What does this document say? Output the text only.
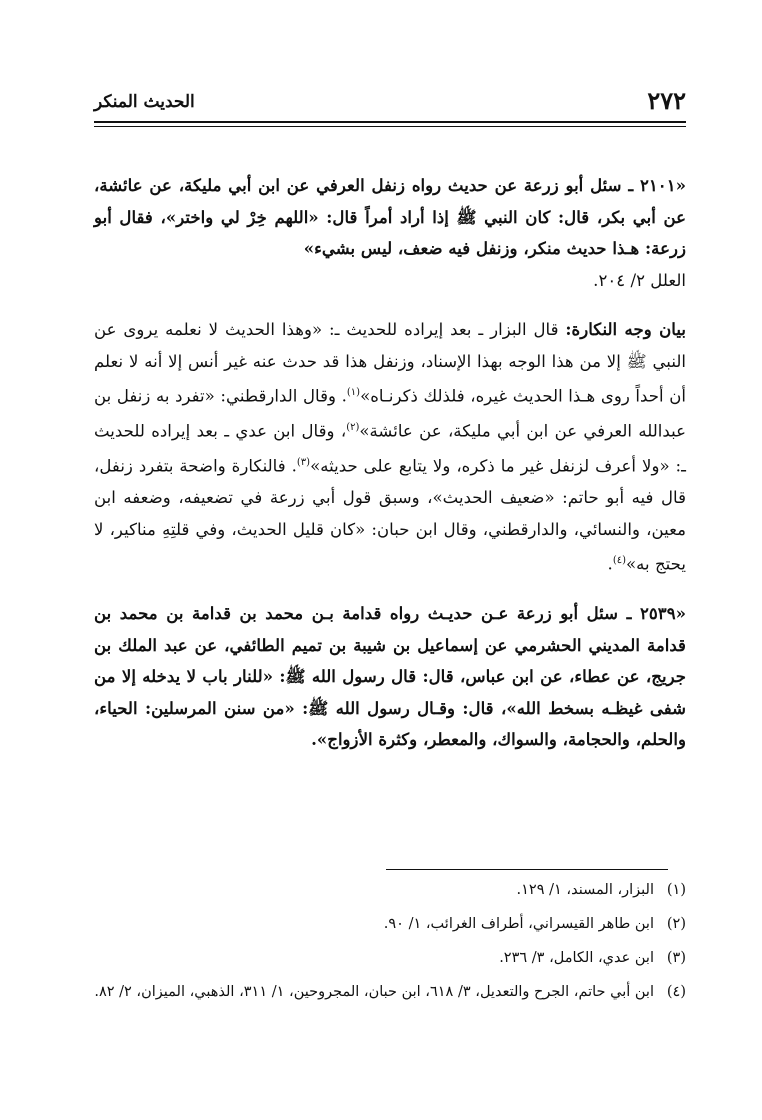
٢٧٢
الحديث المنكر

«٢١٠١ ـ سئل أبو زرعة عن حديث رواه زنفل العرفي عن ابن أبي مليكة، عن عائشة، عن أبي بكر، قال: كان النبي ﷺ إذا أراد أمراً قال: «اللهم خِرْ لي واختر»، فقال أبو زرعة: هـذا حديث منكر، وزنفل فيه ضعف، ليس بشيء»
العلل ٢/ ٢٠٤.

بيان وجه النكارة: قال البزار ـ بعد إيراده للحديث ـ: «وهذا الحديث لا نعلمه يروى عن النبي ﷺ إلا من هذا الوجه بهذا الإسناد، وزنفل هذا قد حدث عنه غير أنس إلا أنه لا نعلم أن أحداً روى هـذا الحديث غيره، فلذلك ذكرنـاه»$^{(١)}$. وقال الدارقطني: «تفرد به زنفل بن عبدالله العرفي عن ابن أبي مليكة، عن عائشة»$^{(٢)}$، وقال ابن عدي ـ بعد إيراده للحديث ـ: «ولا أعرف لزنفل غير ما ذكره، ولا يتابع على حديثه»$^{(٣)}$. فالنكارة واضحة بتفرد زنفل، قال فيه أبو حاتم: «ضعيف الحديث»، وسبق قول أبي زرعة في تضعيفه، وضعفه ابن معين، والنسائي، والدارقطني، وقال ابن حبان: «كان قليل الحديث، وفي قلتِهِ مناكير، لا يحتج به»$^{(٤)}$.

«٢٥٣٩ ـ سئل أبو زرعة عـن حديـث رواه قدامة بـن محمد بن قدامة بن محمد بن قدامة المديني الحشرمي عن إسماعيل بن شيبة بن تميم الطائفي، عن عبد الملك بن جريج، عن عطاء، عن ابن عباس، قال: قال رسول الله ﷺ: «للنار باب لا يدخله إلا من شفى غيظـه بسخط الله»، قال: وقـال رسول الله ﷺ: «من سنن المرسلين: الحياء، والحلم، والحجامة، والسواك، والمعطر، وكثرة الأزواج».

(١)
البزار، المسند، ١/ ١٢٩.
(٢)
ابن طاهر القيسراني، أطراف الغرائب، ١/ ٩٠.
(٣)
ابن عدي، الكامل، ٣/ ٢٣٦.
(٤)
ابن أبي حاتم، الجرح والتعديل، ٣/ ٦١٨، ابن حبان، المجروحين، ١/ ٣١١، الذهبي، الميزان، ٢/ ٨٢.
